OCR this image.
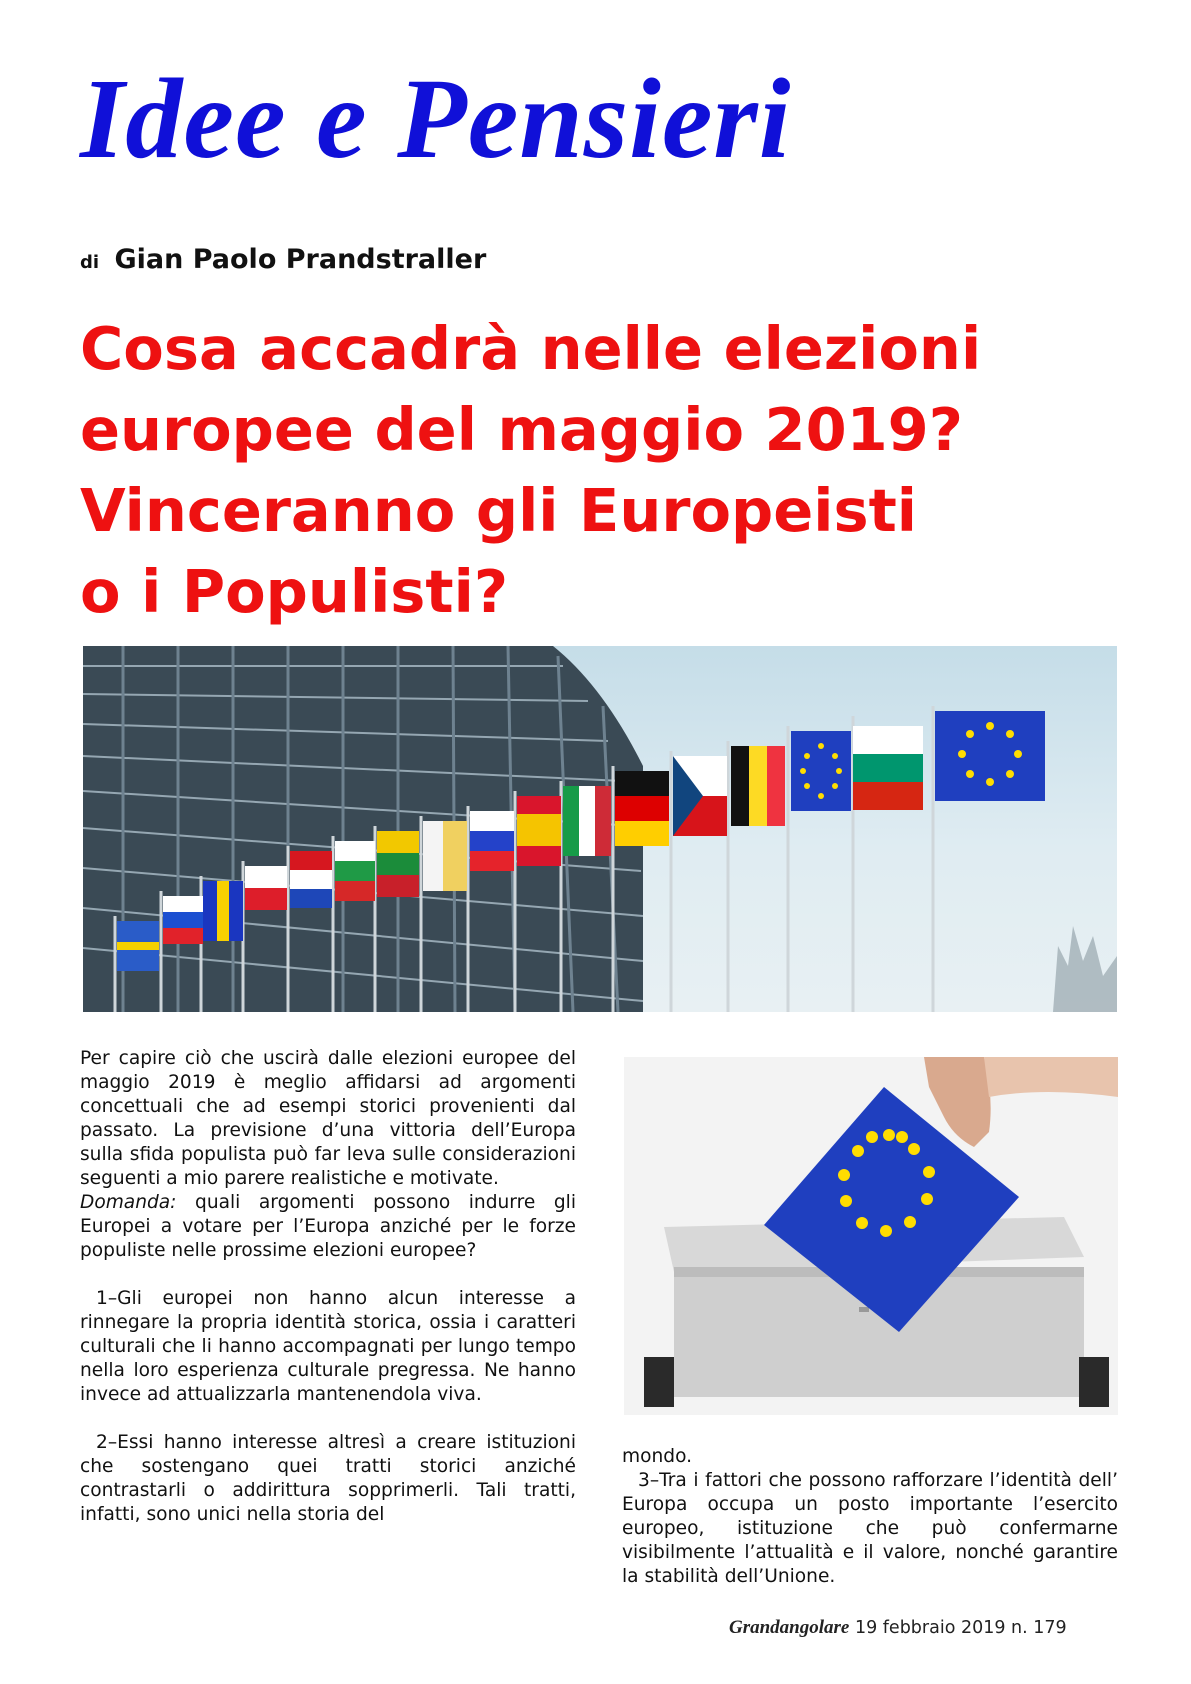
Idee e Pensieri
di Gian Paolo Prandstraller
Cosa accadrà nelle elezioni
europee del maggio 2019?
Vinceranno gli Europeisti
o i Populisti?

Per capire ciò che uscirà dalle elezioni europee del maggio 2019 è meglio affidarsi ad argomenti concettuali che ad esempi storici provenienti dal passato. La previsione d’una vittoria dell’Europa sulla sfida populista può far leva sulle considerazioni seguenti a mio parere realistiche e motivate.

Domanda: quali argomenti possono indurre gli Europei a votare per l’Europa anziché per le forze populiste nelle prossime elezioni europee?

1–Gli europei non hanno alcun interesse a rinnegare la propria identità storica, ossia i caratteri culturali che li hanno accompagnati per lungo tempo nella loro esperienza culturale pregressa. Ne hanno invece ad attualizzarla mantenendola viva.

2–Essi hanno interesse altresì a creare istituzioni che sostengano quei tratti storici anziché contrastarli o addirittura sopprimerli. Tali tratti, infatti, sono unici nella storia del

mondo.

3–Tra i fattori che possono rafforzare l’identità dell’ Europa occupa un posto importante l’esercito europeo, istituzione che può confermarne visibilmente l’attualità e il valore, nonché garantire la stabilità dell’Unione.

Grandangolare 19 febbraio 2019 n. 179
